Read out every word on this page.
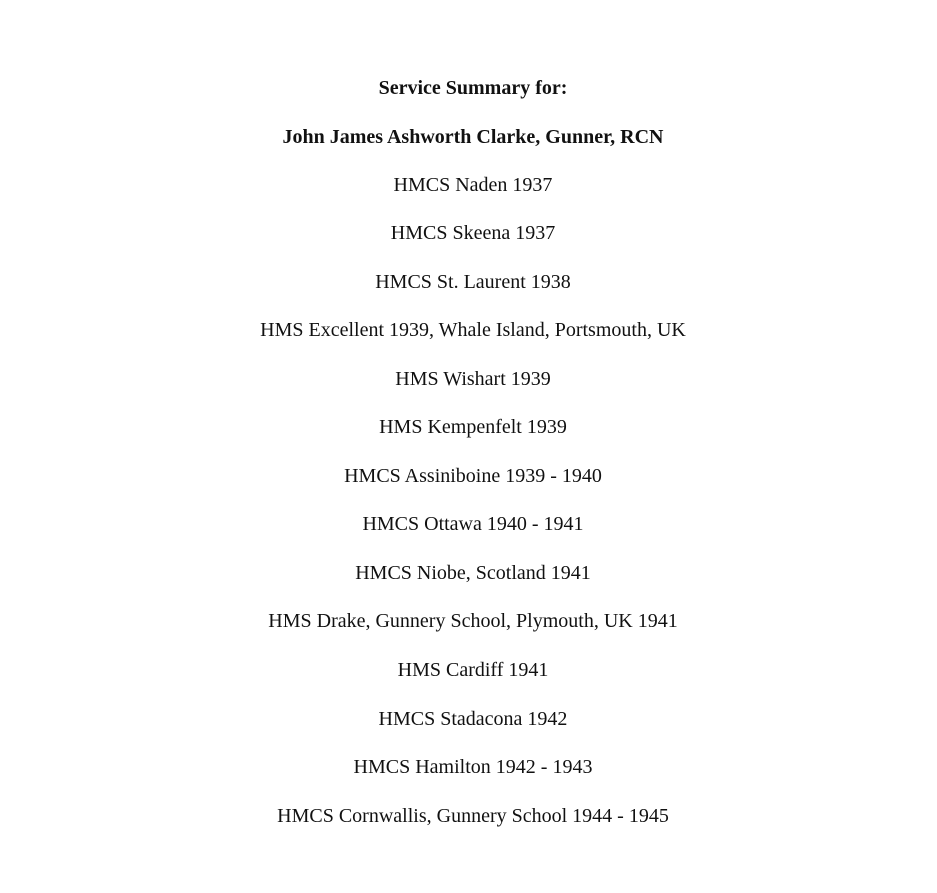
Service Summary for:
John James Ashworth Clarke, Gunner, RCN
HMCS Naden 1937
HMCS Skeena 1937
HMCS St. Laurent 1938
HMS Excellent 1939, Whale Island, Portsmouth, UK
HMS Wishart 1939
HMS Kempenfelt 1939
HMCS Assiniboine 1939 - 1940
HMCS Ottawa 1940 - 1941
HMCS Niobe, Scotland 1941
HMS Drake, Gunnery School, Plymouth, UK 1941
HMS Cardiff 1941
HMCS Stadacona 1942
HMCS Hamilton 1942 - 1943
HMCS Cornwallis, Gunnery School 1944 - 1945
